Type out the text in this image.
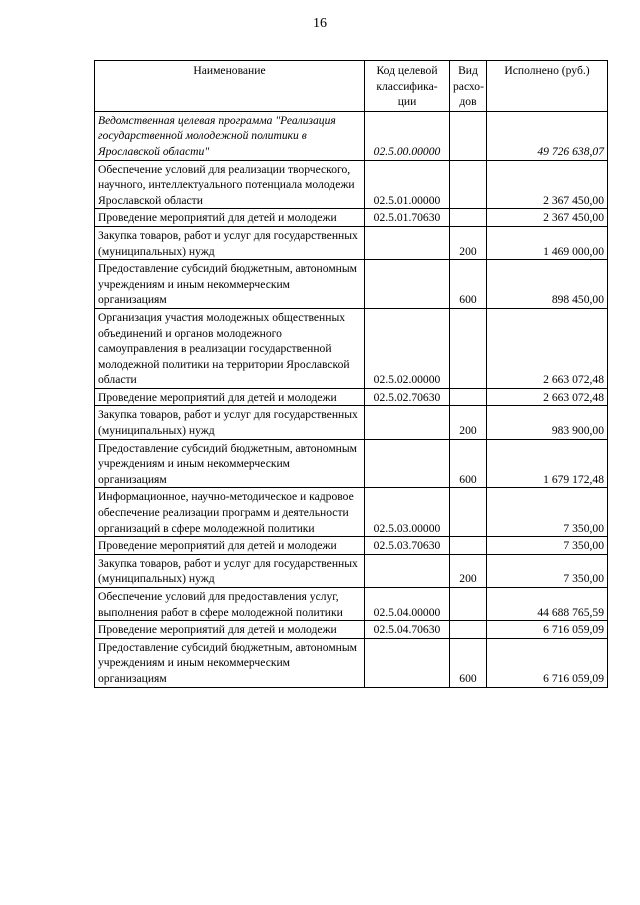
16
Наименование	Код целевой классифика-ции	Вид расхо-дов	Исполнено (руб.)
Ведомственная целевая программа "Реализация государственной молодежной политики в Ярославской области"	02.5.00.00000		49 726 638,07
Обеспечение условий для реализации творческого, научного, интеллектуального потенциала молодежи Ярославской области	02.5.01.00000		2 367 450,00
Проведение мероприятий для детей и молодежи	02.5.01.70630		2 367 450,00
Закупка товаров, работ и услуг для государственных (муниципальных) нужд		200	1 469 000,00
Предоставление субсидий бюджетным, автономным учреждениям и иным некоммерческим организациям		600	898 450,00
Организация участия молодежных общественных объединений и органов молодежного самоуправления в реализации государственной молодежной политики на территории Ярославской области	02.5.02.00000		2 663 072,48
Проведение мероприятий для детей и молодежи	02.5.02.70630		2 663 072,48
Закупка товаров, работ и услуг для государственных (муниципальных) нужд		200	983 900,00
Предоставление субсидий бюджетным, автономным учреждениям и иным некоммерческим организациям		600	1 679 172,48
Информационное, научно-методическое и кадровое обеспечение реализации программ и деятельности организаций в сфере молодежной политики	02.5.03.00000		7 350,00
Проведение мероприятий для детей и молодежи	02.5.03.70630		7 350,00
Закупка товаров, работ и услуг для государственных (муниципальных) нужд		200	7 350,00
Обеспечение условий для предоставления услуг, выполнения работ в сфере молодежной политики	02.5.04.00000		44 688 765,59
Проведение мероприятий для детей и молодежи	02.5.04.70630		6 716 059,09
Предоставление субсидий бюджетным, автономным учреждениям и иным некоммерческим организациям		600	6 716 059,09
